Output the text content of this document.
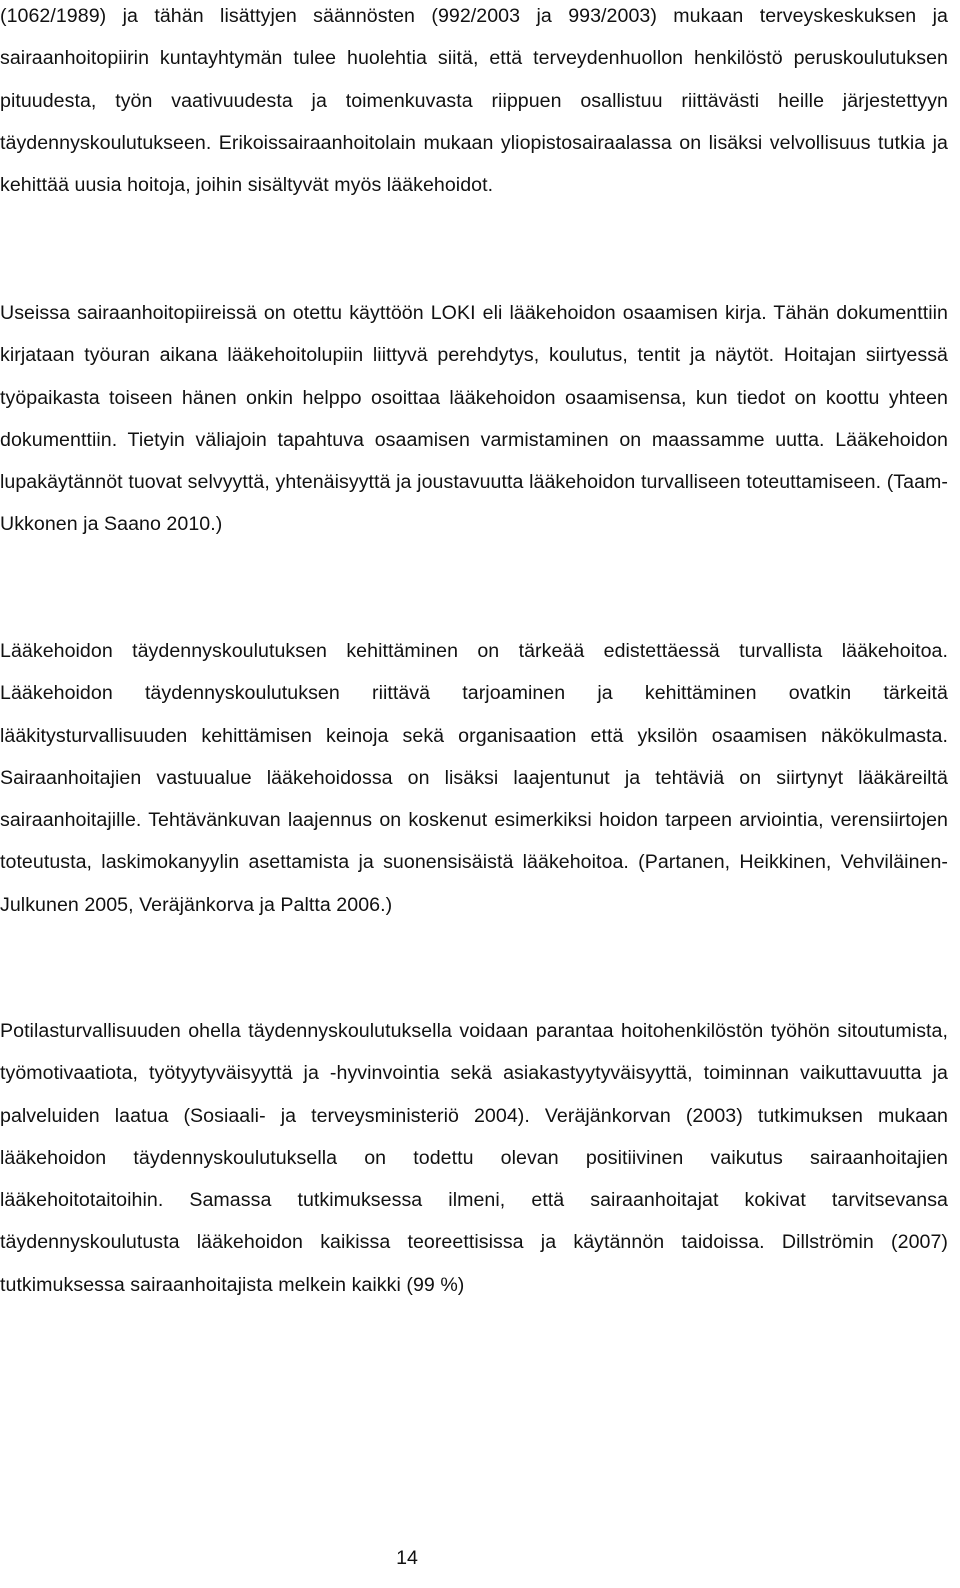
(1062/1989) ja tähän lisättyjen säännösten (992/2003 ja 993/2003) mukaan terveyskeskuksen ja sairaanhoitopiirin kuntayhtymän tulee huolehtia siitä, että terveydenhuollon henkilöstö peruskoulutuksen pituudesta, työn vaativuudesta ja toimenkuvasta riippuen osallistuu riittävästi heille järjestettyyn täydennyskoulutukseen. Erikoissairaanhoitolain mukaan yliopistosairaalassa on lisäksi velvollisuus tutkia ja kehittää uusia hoitoja, joihin sisältyvät myös lääkehoidot.

Useissa sairaanhoitopiireissä on otettu käyttöön LOKI eli lääkehoidon osaamisen kirja. Tähän dokumenttiin kirjataan työuran aikana lääkehoitolupiin liittyvä perehdytys, koulutus, tentit ja näytöt. Hoitajan siirtyessä työpaikasta toiseen hänen onkin helppo osoittaa lääkehoidon osaamisensa, kun tiedot on koottu yhteen dokumenttiin. Tietyin väliajoin tapahtuva osaamisen varmistaminen on maassamme uutta. Lääkehoidon lupakäytännöt tuovat selvyyttä, yhtenäisyyttä ja joustavuutta lääkehoidon turvalliseen toteuttamiseen. (Taam-Ukkonen ja Saano 2010.)

Lääkehoidon täydennyskoulutuksen kehittäminen on tärkeää edistettäessä turvallista lääkehoitoa. Lääkehoidon täydennyskoulutuksen riittävä tarjoaminen ja kehittäminen ovatkin tärkeitä lääkitysturvallisuuden kehittämisen keinoja sekä organisaation että yksilön osaamisen näkökulmasta. Sairaanhoitajien vastuualue lääkehoidossa on lisäksi laajentunut ja tehtäviä on siirtynyt lääkäreiltä sairaanhoitajille. Tehtävänkuvan laajennus on koskenut esimerkiksi hoidon tarpeen arviointia, verensiirtojen toteutusta, laskimokanyylin asettamista ja suonensisäistä lääkehoitoa. (Partanen, Heikkinen, Vehviläinen-Julkunen 2005, Veräjänkorva ja Paltta 2006.)

Potilasturvallisuuden ohella täydennyskoulutuksella voidaan parantaa hoitohenkilöstön työhön sitoutumista, työmotivaatiota, työtyytyväisyyttä ja -hyvinvointia sekä asiakastyytyväisyyttä, toiminnan vaikuttavuutta ja palveluiden laatua (Sosiaali- ja terveysministeriö 2004). Veräjänkorvan (2003) tutkimuksen mukaan lääkehoidon täydennyskoulutuksella on todettu olevan positiivinen vaikutus sairaanhoitajien lääkehoitotaitoihin. Samassa tutkimuksessa ilmeni, että sairaanhoitajat kokivat tarvitsevansa täydennyskoulutusta lääkehoidon kaikissa teoreettisissa ja käytännön taidoissa. Dillströmin (2007) tutkimuksessa sairaanhoitajista melkein kaikki (99 %)

14
